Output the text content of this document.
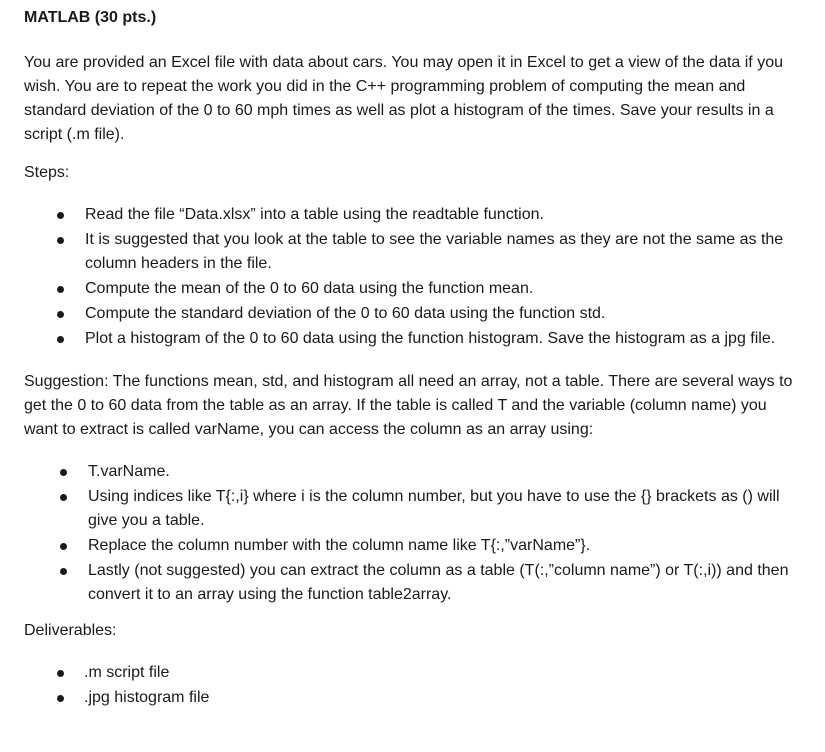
MATLAB (30 pts.)

You are provided an Excel file with data about cars. You may open it in Excel to get a view of the data if you wish. You are to repeat the work you did in the C++ programming problem of computing the mean and standard deviation of the 0 to 60 mph times as well as plot a histogram of the times. Save your results in a script (.m file).

Steps:
Read the file “Data.xlsx” into a table using the readtable function.
It is suggested that you look at the table to see the variable names as they are not the same as the column headers in the file.
Compute the mean of the 0 to 60 data using the function mean.
Compute the standard deviation of the 0 to 60 data using the function std.
Plot a histogram of the 0 to 60 data using the function histogram. Save the histogram as a jpg file.

Suggestion: The functions mean, std, and histogram all need an array, not a table. There are several ways to get the 0 to 60 data from the table as an array. If the table is called T and the variable (column name) you want to extract is called varName, you can access the column as an array using:

T.varName.
Using indices like T{:,i} where i is the column number, but you have to use the {} brackets as () will give you a table.
Replace the column number with the column name like T{:,”varName”}.
Lastly (not suggested) you can extract the column as a table (T(:,”column name”) or T(:,i)) and then convert it to an array using the function table2array.
Deliverables:
.m script file
.jpg histogram file
